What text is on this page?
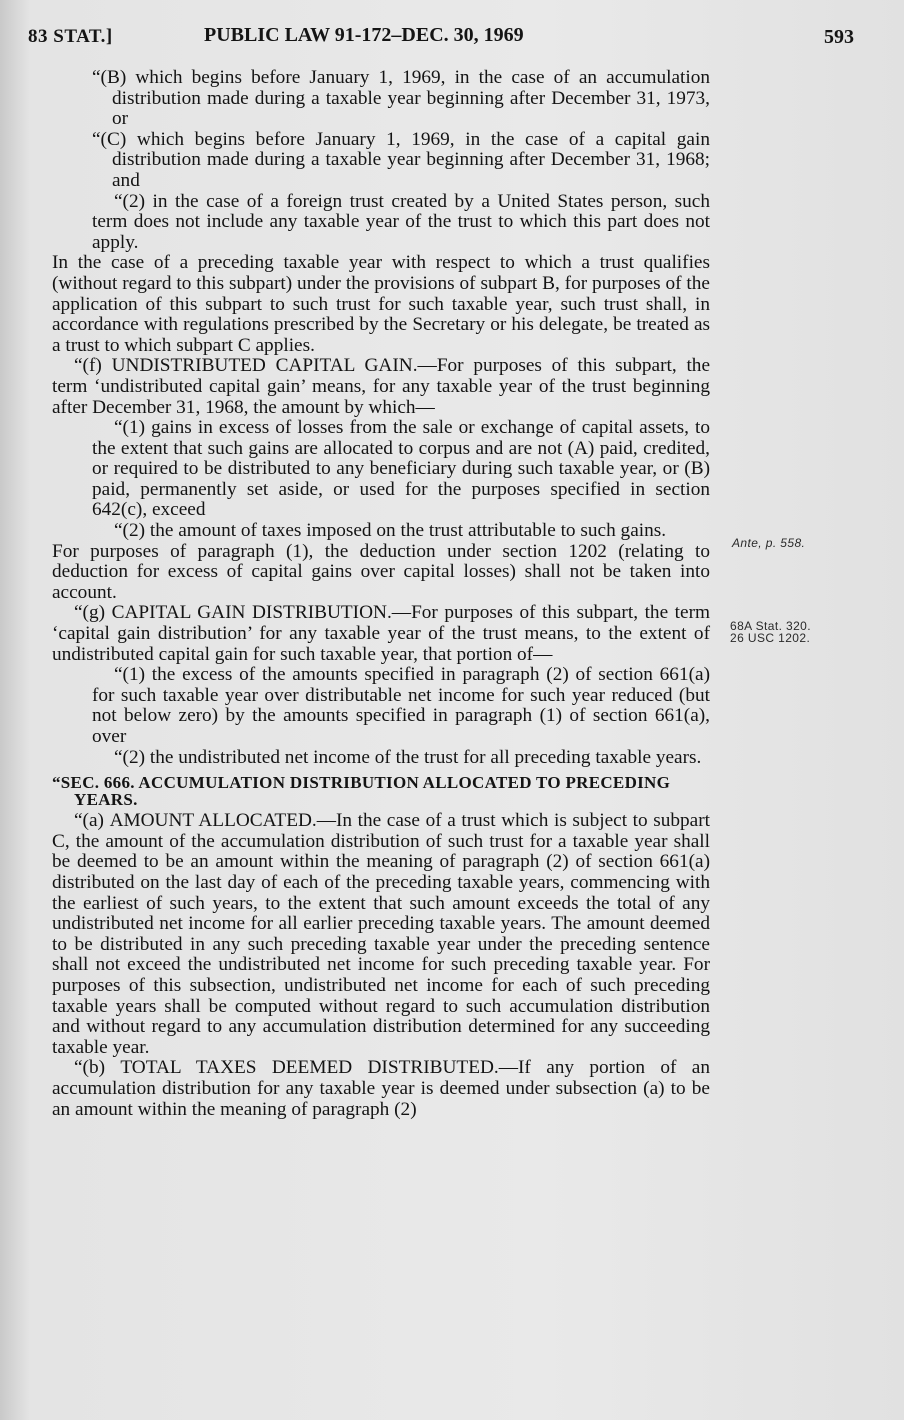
83 STAT.]	PUBLIC LAW 91-172–DEC. 30, 1969	593

“(B) which begins before January 1, 1969, in the case of an accumulation distribution made during a taxable year beginning after December 31, 1973, or

“(C) which begins before January 1, 1969, in the case of a capital gain distribution made during a taxable year beginning after December 31, 1968; and

“(2) in the case of a foreign trust created by a United States person, such term does not include any taxable year of the trust to which this part does not apply.

In the case of a preceding taxable year with respect to which a trust qualifies (without regard to this subpart) under the provisions of subpart B, for purposes of the application of this subpart to such trust for such taxable year, such trust shall, in accordance with regulations prescribed by the Secretary or his delegate, be treated as a trust to which subpart C applies.

“(f) UNDISTRIBUTED CAPITAL GAIN.—For purposes of this subpart, the term ‘undistributed capital gain’ means, for any taxable year of the trust beginning after December 31, 1968, the amount by which—

“(1) gains in excess of losses from the sale or exchange of capital assets, to the extent that such gains are allocated to corpus and are not (A) paid, credited, or required to be distributed to any beneficiary during such taxable year, or (B) paid, permanently set aside, or used for the purposes specified in section 642(c), exceed

“(2) the amount of taxes imposed on the trust attributable to such gains.

For purposes of paragraph (1), the deduction under section 1202 (relating to deduction for excess of capital gains over capital losses) shall not be taken into account.

“(g) CAPITAL GAIN DISTRIBUTION.—For purposes of this subpart, the term ‘capital gain distribution’ for any taxable year of the trust means, to the extent of undistributed capital gain for such taxable year, that portion of—

“(1) the excess of the amounts specified in paragraph (2) of section 661(a) for such taxable year over distributable net income for such year reduced (but not below zero) by the amounts specified in paragraph (1) of section 661(a), over

“(2) the undistributed net income of the trust for all preceding taxable years.

“SEC. 666. ACCUMULATION DISTRIBUTION ALLOCATED TO PRECEDING YEARS.

“(a) AMOUNT ALLOCATED.—In the case of a trust which is subject to subpart C, the amount of the accumulation distribution of such trust for a taxable year shall be deemed to be an amount within the meaning of paragraph (2) of section 661(a) distributed on the last day of each of the preceding taxable years, commencing with the earliest of such years, to the extent that such amount exceeds the total of any undistributed net income for all earlier preceding taxable years. The amount deemed to be distributed in any such preceding taxable year under the preceding sentence shall not exceed the undistributed net income for such preceding taxable year. For purposes of this subsection, undistributed net income for each of such preceding taxable years shall be computed without regard to such accumulation distribution and without regard to any accumulation distribution determined for any succeeding taxable year.

“(b) TOTAL TAXES DEEMED DISTRIBUTED.—If any portion of an accumulation distribution for any taxable year is deemed under subsection (a) to be an amount within the meaning of paragraph (2)

Ante, p. 558.
68A Stat. 320.
26 USC 1202.
